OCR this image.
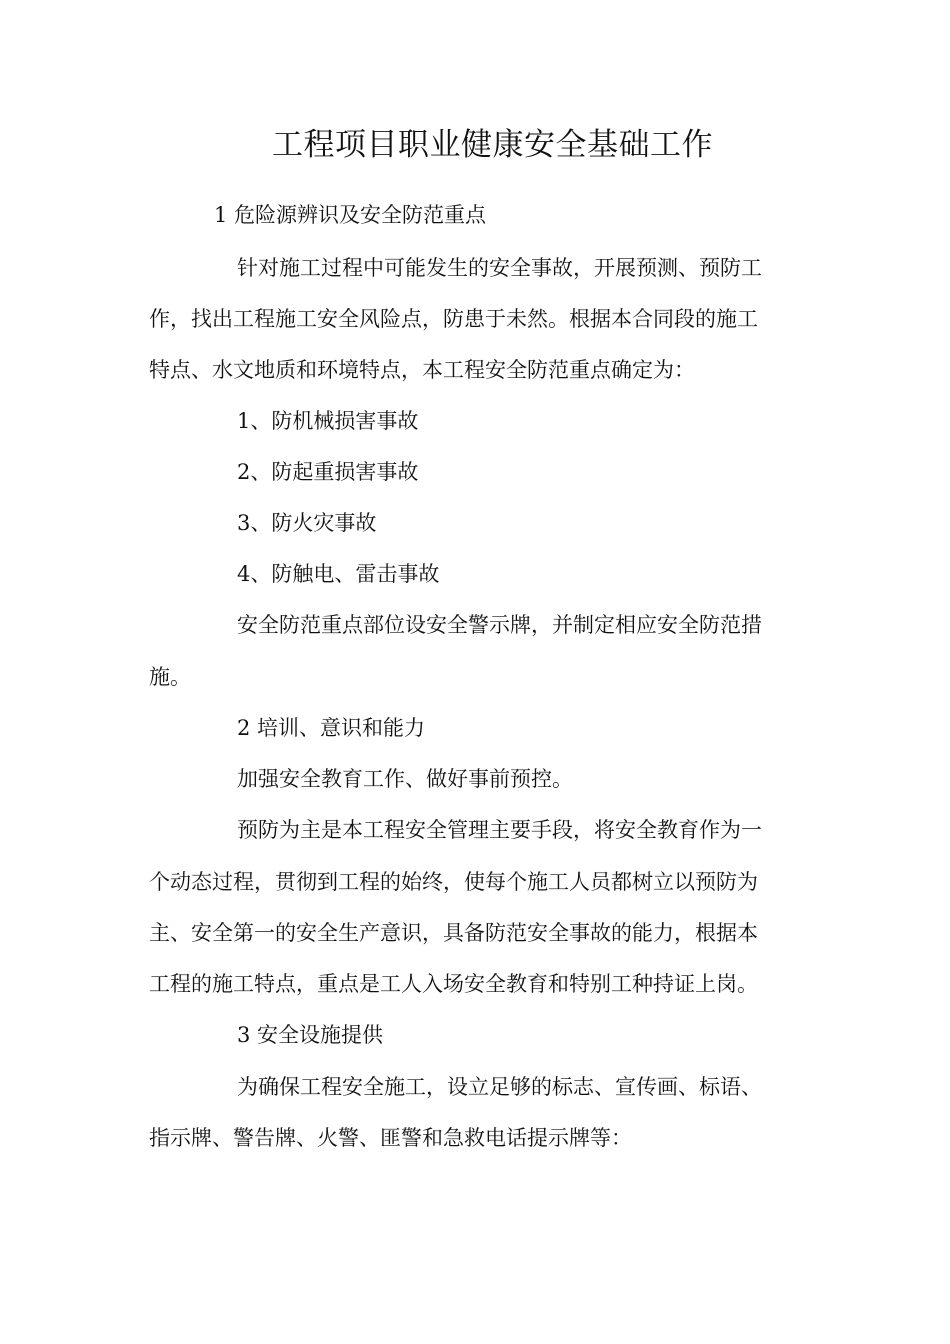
工程项目职业健康安全基础工作

1 危险源辨识及安全防范重点

针对施工过程中可能发生的安全事故，开展预测、预防工

作，找出工程施工安全风险点，防患于未然。根据本合同段的施工

特点、水文地质和环境特点，本工程安全防范重点确定为：

1、防机械损害事故

2、防起重损害事故

3、防火灾事故

4、防触电、雷击事故

安全防范重点部位设安全警示牌，并制定相应安全防范措

施。

2 培训、意识和能力

加强安全教育工作、做好事前预控。

预防为主是本工程安全管理主要手段，将安全教育作为一

个动态过程，贯彻到工程的始终，使每个施工人员都树立以预防为

主、安全第一的安全生产意识，具备防范安全事故的能力，根据本

工程的施工特点，重点是工人入场安全教育和特别工种持证上岗。

3 安全设施提供

为确保工程安全施工，设立足够的标志、宣传画、标语、

指示牌、警告牌、火警、匪警和急救电话提示牌等：
